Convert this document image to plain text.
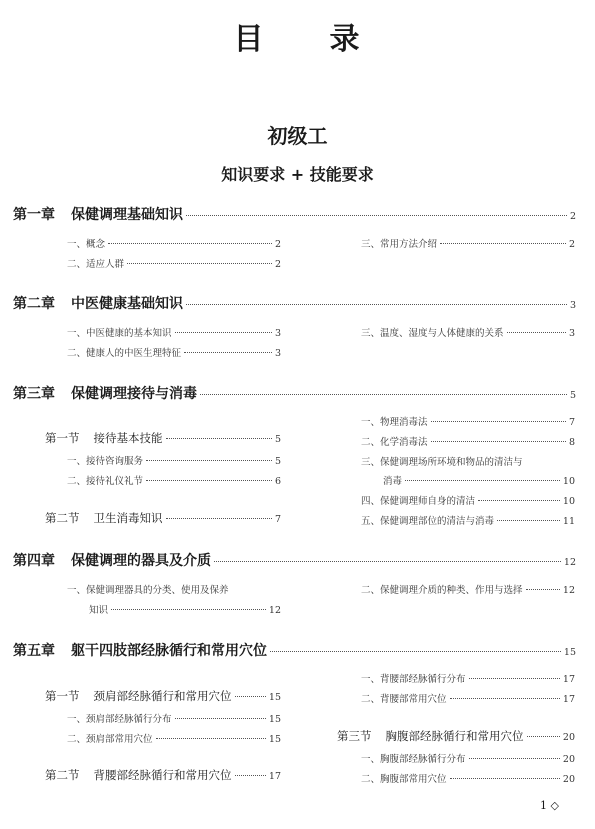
目 录
初级工
知识要求 + 技能要求
第一章 保健调理基础知识	2
一、概念	2
二、适应人群	2
三、常用方法介绍	2
第二章 中医健康基础知识	3
一、中医健康的基本知识	3
二、健康人的中医生理特征	3
三、温度、湿度与人体健康的关系	3
第三章 保健调理接待与消毒	5
第一节 接待基本技能	5
一、接待咨询服务	5
二、接待礼仪礼节	6
第二节 卫生消毒知识	7
一、物理消毒法	7
二、化学消毒法	8
三、保健调理场所环境和物品的清洁与
消毒	10
四、保健调理师自身的清洁	10
五、保健调理部位的清洁与消毒	11
第四章 保健调理的器具及介质	12
一、保健调理器具的分类、使用及保养
知识	12
二、保健调理介质的种类、作用与选择	12
第五章 躯干四肢部经脉循行和常用穴位	15
第一节 颈肩部经脉循行和常用穴位	15
一、颈肩部经脉循行分布	15
二、颈肩部常用穴位	15
第二节 背腰部经脉循行和常用穴位	17
一、背腰部经脉循行分布	17
二、背腰部常用穴位	17
第三节 胸腹部经脉循行和常用穴位	20
一、胸腹部经脉循行分布	20
二、胸腹部常用穴位	20
1 ◇
